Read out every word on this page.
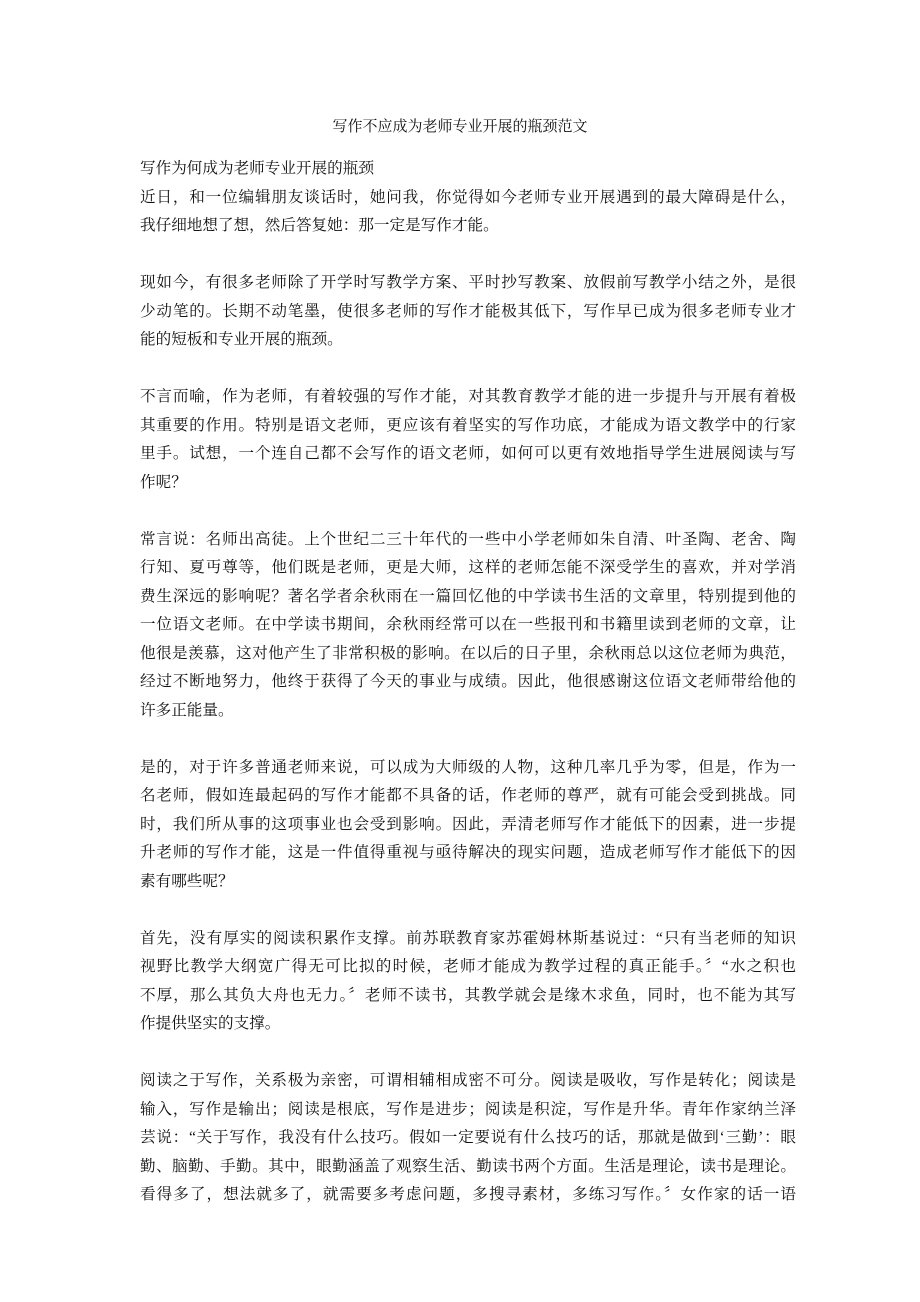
写作不应成为老师专业开展的瓶颈范文
写作为何成为老师专业开展的瓶颈
近日，和一位编辑朋友谈话时，她问我，你觉得如今老师专业开展遇到的最大障碍是什么，
我仔细地想了想，然后答复她：那一定是写作才能。
现如今，有很多老师除了开学时写教学方案、平时抄写教案、放假前写教学小结之外，是很
少动笔的。长期不动笔墨，使很多老师的写作才能极其低下，写作早已成为很多老师专业才
能的短板和专业开展的瓶颈。
不言而喻，作为老师，有着较强的写作才能，对其教育教学才能的进一步提升与开展有着极
其重要的作用。特别是语文老师，更应该有着坚实的写作功底，才能成为语文教学中的行家
里手。试想，一个连自己都不会写作的语文老师，如何可以更有效地指导学生进展阅读与写
作呢？
常言说：名师出高徒。上个世纪二三十年代的一些中小学老师如朱自清、叶圣陶、老舍、陶
行知、夏丏尊等，他们既是老师，更是大师，这样的老师怎能不深受学生的喜欢，并对学消
费生深远的影响呢？著名学者余秋雨在一篇回忆他的中学读书生活的文章里，特别提到他的
一位语文老师。在中学读书期间，余秋雨经常可以在一些报刊和书籍里读到老师的文章，让
他很是羡慕，这对他产生了非常积极的影响。在以后的日子里，余秋雨总以这位老师为典范，
经过不断地努力，他终于获得了今天的事业与成绩。因此，他很感谢这位语文老师带给他的
许多正能量。
是的，对于许多普通老师来说，可以成为大师级的人物，这种几率几乎为零，但是，作为一
名老师，假如连最起码的写作才能都不具备的话，作老师的尊严，就有可能会受到挑战。同
时，我们所从事的这项事业也会受到影响。因此，弄清老师写作才能低下的因素，进一步提
升老师的写作才能，这是一件值得重视与亟待解决的现实问题，造成老师写作才能低下的因
素有哪些呢？
首先，没有厚实的阅读积累作支撑。前苏联教育家苏霍姆林斯基说过：“只有当老师的知识
视野比教学大纲宽广得无可比拟的时候，老师才能成为教学过程的真正能手。〞“水之积也
不厚，那么其负大舟也无力。〞老师不读书，其教学就会是缘木求鱼，同时，也不能为其写
作提供坚实的支撑。
阅读之于写作，关系极为亲密，可谓相辅相成密不可分。阅读是吸收，写作是转化；阅读是
输入，写作是输出；阅读是根底，写作是进步；阅读是积淀，写作是升华。青年作家纳兰泽
芸说：“关于写作，我没有什么技巧。假如一定要说有什么技巧的话，那就是做到‘三勤’：眼
勤、脑勤、手勤。其中，眼勤涵盖了观察生活、勤读书两个方面。生活是理论，读书是理论。
看得多了，想法就多了，就需要多考虑问题，多搜寻素材，多练习写作。〞女作家的话一语
